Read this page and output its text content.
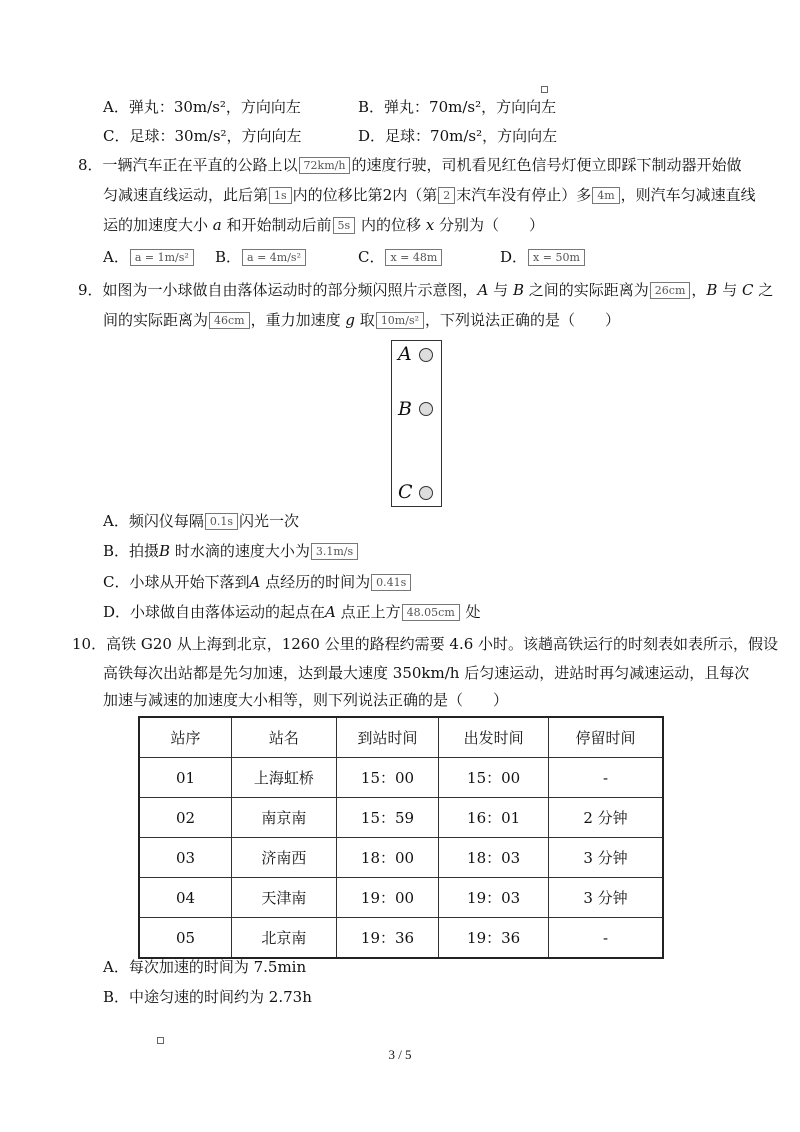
A．弹丸：30m/s²，方向向左	B．弹丸：70m/s²，方向向左
C．足球：30m/s²，方向向左	D．足球：70m/s²，方向向左
8．一辆汽车正在平直的公路上以 72km/h 的速度行驶，司机看见红色信号灯便立即踩下制动器开始做
匀减速直线运动，此后第 1s 内的位移比第2内（第 2 末汽车没有停止）多 4m ，则汽车匀减速直线
运的加速度大小 a 和开始制动后前 5s 内的位移 x 分别为（　　）
A． a = 1m/s²	B． a = 4m/s²	C． x = 48m	D． x = 50m
9．如图为一小球做自由落体运动时的部分频闪照片示意图，A 与 B 之间的实际距离为 26cm ，B 与 C 之
间的实际距离为 46cm ，重力加速度 g 取 10m/s² ，下列说法正确的是（　　）
A
B
C
A．频闪仪每隔 0.1s 闪光一次
B．拍摄B 时水滴的速度大小为 3.1m/s
C．小球从开始下落到A 点经历的时间为 0.41s
D．小球做自由落体运动的起点在A 点正上方 48.05cm 处
10．高铁 G20 从上海到北京，1260 公里的路程约需要 4.6 小时。该趟高铁运行的时刻表如表所示，假设
高铁每次出站都是先匀加速，达到最大速度 350km/h 后匀速运动，进站时再匀减速运动，且每次
加速与减速的加速度大小相等，则下列说法正确的是（　　）
站序	站名	到站时间	出发时间	停留时间
01	上海虹桥	15：00	15：00	-
02	南京南	15：59	16：01	2 分钟
03	济南西	18：00	18：03	3 分钟
04	天津南	19：00	19：03	3 分钟
05	北京南	19：36	19：36	-
A．每次加速的时间为 7.5min
B．中途匀速的时间约为 2.73h
3 / 5
